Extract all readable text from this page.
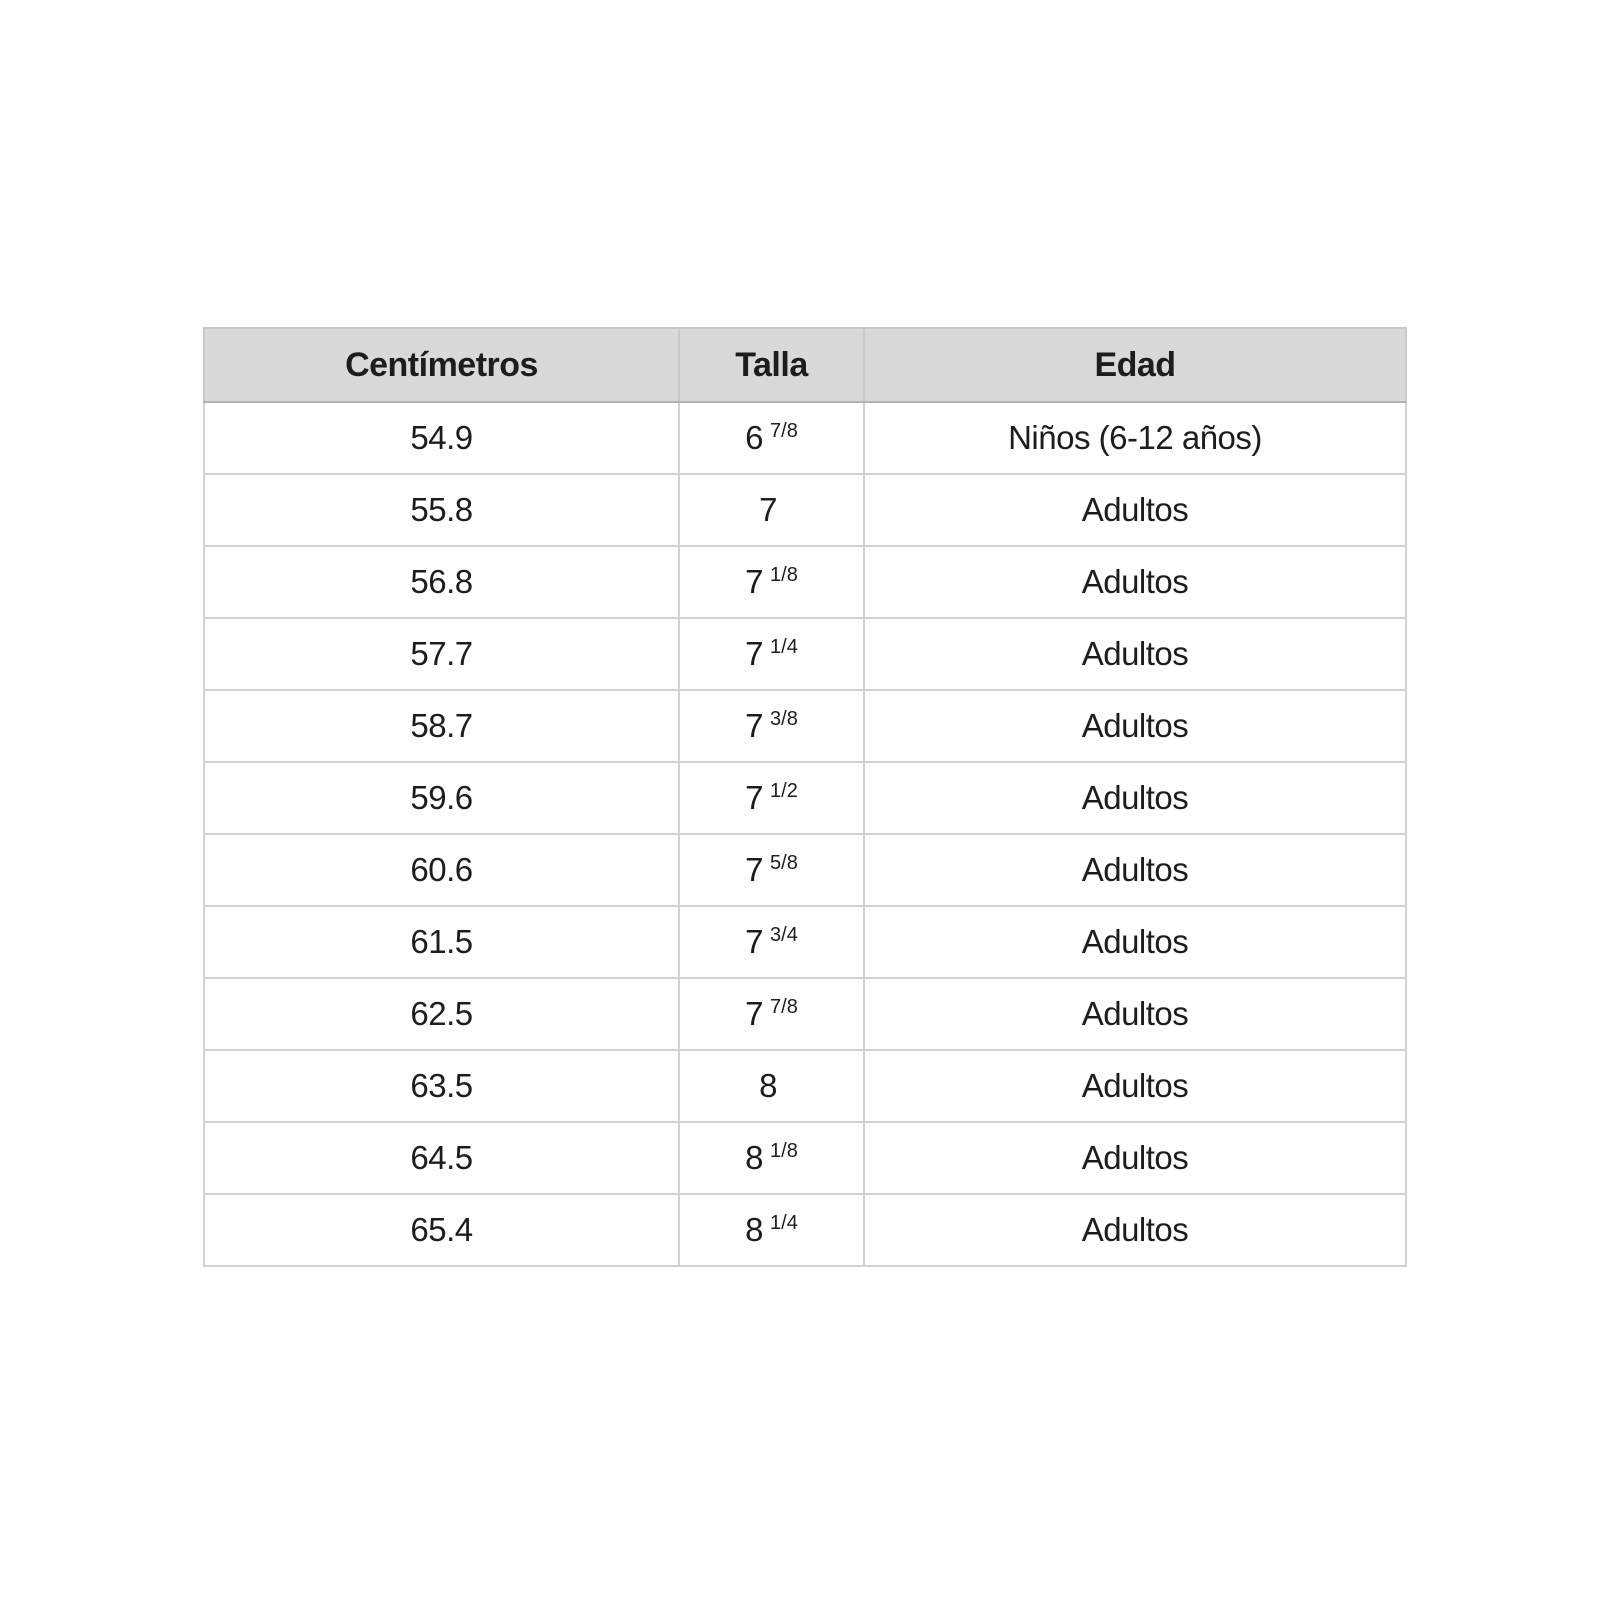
Centímetros	Talla	Edad
54.9	6 $^{7/8}$	Niños (6-12 años)
55.8	7	Adultos
56.8	7 $^{1/8}$	Adultos
57.7	7 $^{1/4}$	Adultos
58.7	7 $^{3/8}$	Adultos
59.6	7 $^{1/2}$	Adultos
60.6	7 $^{5/8}$	Adultos
61.5	7 $^{3/4}$	Adultos
62.5	7 $^{7/8}$	Adultos
63.5	8	Adultos
64.5	8 $^{1/8}$	Adultos
65.4	8 $^{1/4}$	Adultos
